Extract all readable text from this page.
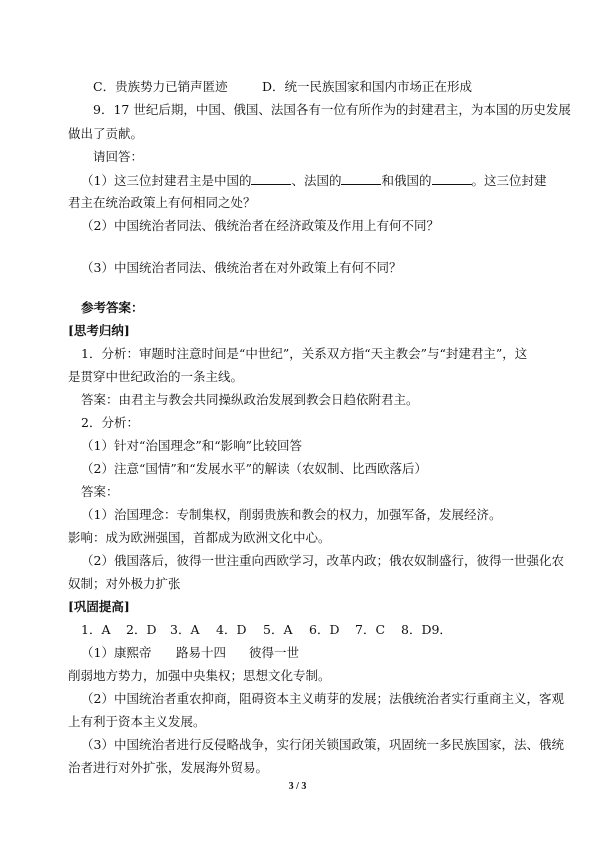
C．贵族势力已销声匿迹	D．统一民族国家和国内市场正在形成
9．17 世纪后期，中国、俄国、法国各有一位有所作为的封建君主，为本国的历史发展
做出了贡献。
请回答：
（1）这三位封建君主是中国的	、法国的	和俄国的	。这三位封建
君主在统治政策上有何相同之处？
（2）中国统治者同法、俄统治者在经济政策及作用上有何不同？
（3）中国统治者同法、俄统治者在对外政策上有何不同？
参考答案：
[思考归纳]
1．分析：审题时注意时间是“中世纪”，关系双方指“天主教会”与“封建君主”，这
是贯穿中世纪政治的一条主线。
答案：由君主与教会共同操纵政治发展到教会日趋依附君主。
2．分析：
（1）针对“治国理念”和“影响”比较回答
（2）注意“国情”和“发展水平”的解读（农奴制、比西欧落后）
答案：
（1）治国理念：专制集权，削弱贵族和教会的权力，加强军备，发展经济。
影响：成为欧洲强国，首都成为欧洲文化中心。
（2）俄国落后，彼得一世注重向西欧学习，改革内政；俄农奴制盛行，彼得一世强化农
奴制；对外极力扩张
[巩固提高]
1．A 2．D 3．A 4．D 5．A 6．D 7．C 8．D9．
（1）康熙帝 路易十四 彼得一世
削弱地方势力，加强中央集权；思想文化专制。
（2）中国统治者重农抑商，阻碍资本主义萌芽的发展；法俄统治者实行重商主义，客观
上有利于资本主义发展。
（3）中国统治者进行反侵略战争，实行闭关锁国政策，巩固统一多民族国家，法、俄统
治者进行对外扩张，发展海外贸易。
3 / 3
